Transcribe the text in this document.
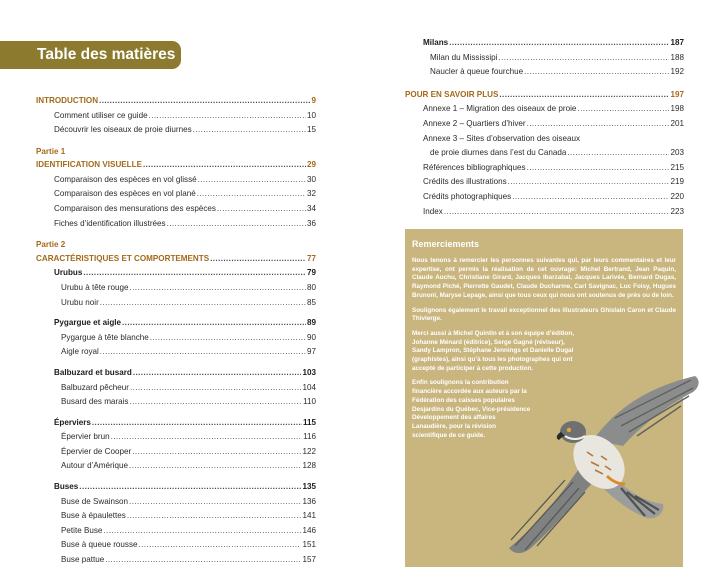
Table des matières
INTRODUCTION .....	9
Comment utiliser ce guide .....	10
Découvrir les oiseaux de proie diurnes .....	15
Partie 1
IDENTIFICATION VISUELLE .....	29
Comparaison des espèces en vol glissé .....	30
Comparaison des espèces en vol plané .....	32
Comparaison des mensurations des espèces .....	34
Fiches d’identification illustrées .....	36
Partie 2
CARACTÉRISTIQUES ET COMPORTEMENTS .....	77
Urubus .....	79
Urubu à tête rouge .....	80
Urubu noir .....	85
Pygargue et aigle .....	89
Pygargue à tête blanche .....	90
Aigle royal .....	97
Balbuzard et busard .....	103
Balbuzard pêcheur .....	104
Busard des marais .....	110
Éperviers .....	115
Épervier brun .....	116
Épervier de Cooper .....	122
Autour d’Amérique .....	128
Buses .....	135
Buse de Swainson .....	136
Buse à épaulettes .....	141
Petite Buse .....	146
Buse à queue rousse .....	151
Buse pattue .....	157
.....
Milans .....	187
Milan du Mississipi .....	188
Naucler à queue fourchue .....	192
POUR EN SAVOIR PLUS .....	197
Annexe 1 – Migration des oiseaux de proie .....	198
Annexe 2 – Quartiers d’hiver .....	201
Annexe 3 – Sites d’observation des oiseaux
de proie diurnes dans l’est du Canada .....	203
Références bibliographiques .....	215
Crédits des illustrations .....	219
Crédits photographiques .....	220
Index .....	223
Remerciements

Nous tenons à remercier les personnes suivantes qui, par leurs commentaires et leur expertise, ont permis la réalisation de cet ouvrage: Michel Bertrand, Jean Paquin, Claude Auchu, Christiane Girard, Jacques Ibarzabal, Jacques Larivée, Bernard Dugas, Raymond Piché, Pierrette Gaudet, Claude Ducharme, Carl Savignac, Luc Foisy, Hugues Brunoni, Maryse Lepage, ainsi que tous ceux qui nous ont soutenus de près ou de loin.

Soulignons également le travail exceptionnel des illustrateurs Ghislain Caron et Claude Thivierge.

Merci aussi à Michel Quintin et à son équipe d’édition, Johanne Ménard (éditrice), Serge Gagné (réviseur), Sandy Lampron, Stéphane Jennings et Danielle Dugal (graphistes), ainsi qu’à tous les photographes qui ont accepté de participer à cette production.

Enfin soulignons la contribution financière accordée aux auteurs par la Fédération des caisses populaires Desjardins du Québec, Vice-présidence Développement des affaires Lanaudière, pour la révision scientifique de ce guide.
